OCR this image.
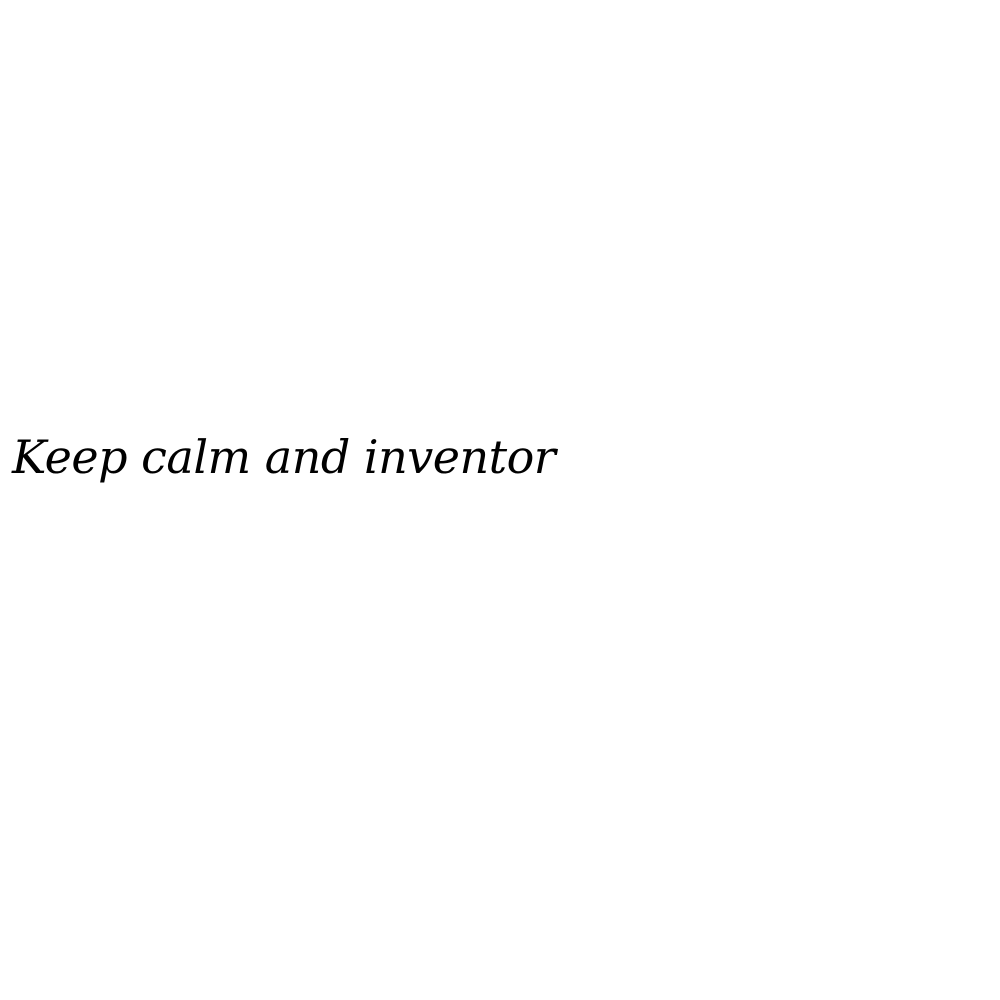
Keep calm and inventor
